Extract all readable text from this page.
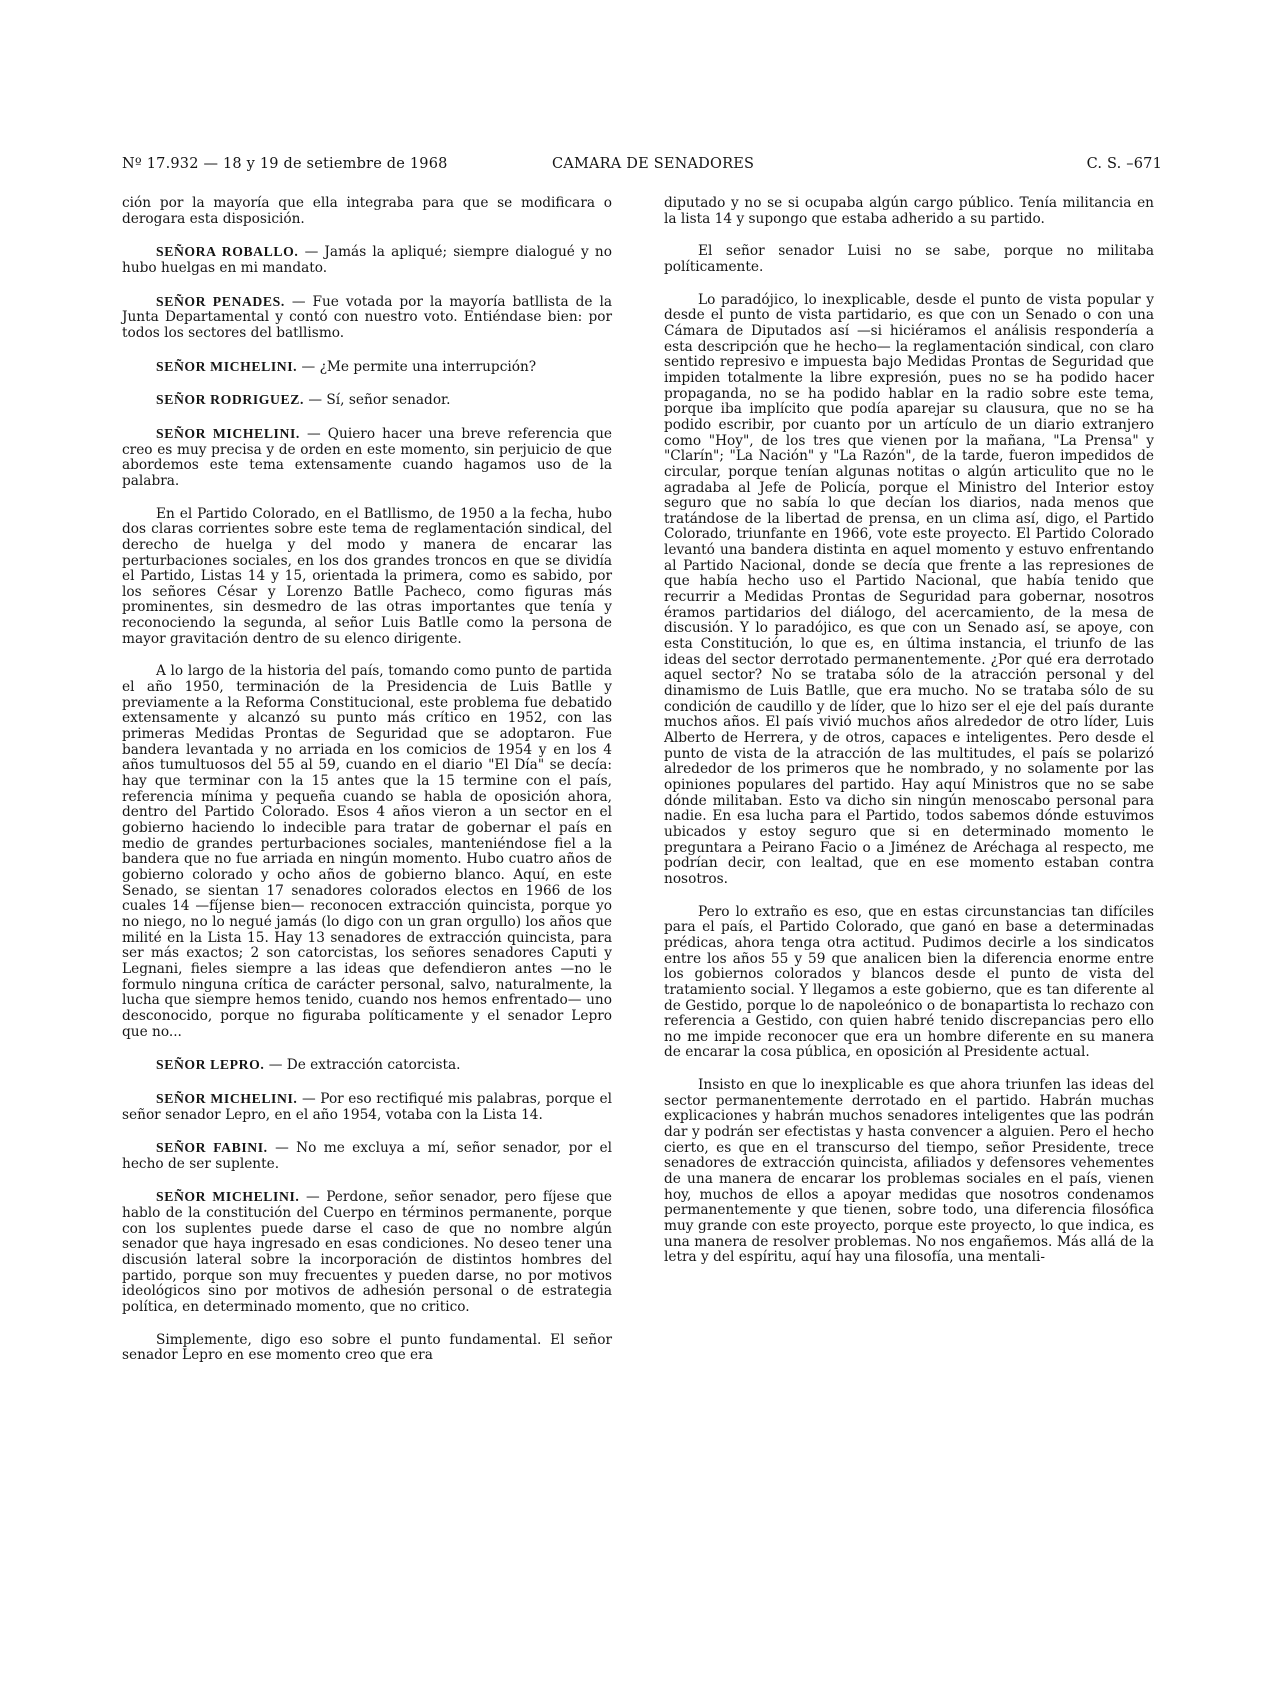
Nº 17.932 — 18 y 19 de setiembre de 1968	CAMARA DE SENADORES	C. S. –671

ción por la mayoría que ella integraba para que se modificara o derogara esta disposición.

SEÑORA ROBALLO. — Jamás la apliqué; siempre dialogué y no hubo huelgas en mi mandato.

SEÑOR PENADES. — Fue votada por la mayoría batllista de la Junta Departamental y contó con nuestro voto. Entiéndase bien: por todos los sectores del batllismo.

SEÑOR MICHELINI. — ¿Me permite una interrupción?

SEÑOR RODRIGUEZ. — Sí, señor senador.

SEÑOR MICHELINI. — Quiero hacer una breve referencia que creo es muy precisa y de orden en este momento, sin perjuicio de que abordemos este tema extensamente cuando hagamos uso de la palabra.

En el Partido Colorado, en el Batllismo, de 1950 a la fecha, hubo dos claras corrientes sobre este tema de reglamentación sindical, del derecho de huelga y del modo y manera de encarar las perturbaciones sociales, en los dos grandes troncos en que se dividía el Partido, Listas 14 y 15, orientada la primera, como es sabido, por los señores César y Lorenzo Batlle Pacheco, como figuras más prominentes, sin desmedro de las otras importantes que tenía y reconociendo la segunda, al señor Luis Batlle como la persona de mayor gravitación dentro de su elenco dirigente.

A lo largo de la historia del país, tomando como punto de partida el año 1950, terminación de la Presidencia de Luis Batlle y previamente a la Reforma Constitucional, este problema fue debatido extensamente y alcanzó su punto más crítico en 1952, con las primeras Medidas Prontas de Seguridad que se adoptaron. Fue bandera levantada y no arriada en los comicios de 1954 y en los 4 años tumultuosos del 55 al 59, cuando en el diario "El Día" se decía: hay que terminar con la 15 antes que la 15 termine con el país, referencia mínima y pequeña cuando se habla de oposición ahora, dentro del Partido Colorado. Esos 4 años vieron a un sector en el gobierno haciendo lo indecible para tratar de gobernar el país en medio de grandes perturbaciones sociales, manteniéndose fiel a la bandera que no fue arriada en ningún momento. Hubo cuatro años de gobierno colorado y ocho años de gobierno blanco. Aquí, en este Senado, se sientan 17 senadores colorados electos en 1966 de los cuales 14 —fíjense bien— reconocen extracción quincista, porque yo no niego, no lo negué jamás (lo digo con un gran orgullo) los años que milité en la Lista 15. Hay 13 senadores de extracción quincista, para ser más exactos; 2 son catorcistas, los señores senadores Caputi y Legnani, fieles siempre a las ideas que defendieron antes —no le formulo ninguna crítica de carácter personal, salvo, naturalmente, la lucha que siempre hemos tenido, cuando nos hemos enfrentado— uno desconocido, porque no figuraba políticamente y el senador Lepro que no...

SEÑOR LEPRO. — De extracción catorcista.

SEÑOR MICHELINI. — Por eso rectifiqué mis palabras, porque el señor senador Lepro, en el año 1954, votaba con la Lista 14.

SEÑOR FABINI. — No me excluya a mí, señor senador, por el hecho de ser suplente.

SEÑOR MICHELINI. — Perdone, señor senador, pero fíjese que hablo de la constitución del Cuerpo en términos permanente, porque con los suplentes puede darse el caso de que no nombre algún senador que haya ingresado en esas condiciones. No deseo tener una discusión lateral sobre la incorporación de distintos hombres del partido, porque son muy frecuentes y pueden darse, no por motivos ideológicos sino por motivos de adhesión personal o de estrategia política, en determinado momento, que no critico.

Simplemente, digo eso sobre el punto fundamental. El señor senador Lepro en ese momento creo que era

diputado y no se si ocupaba algún cargo público. Tenía militancia en la lista 14 y supongo que estaba adherido a su partido.

El señor senador Luisi no se sabe, porque no militaba políticamente.

Lo paradójico, lo inexplicable, desde el punto de vista popular y desde el punto de vista partidario, es que con un Senado o con una Cámara de Diputados así —si hiciéramos el análisis respondería a esta descripción que he hecho— la reglamentación sindical, con claro sentido represivo e impuesta bajo Medidas Prontas de Seguridad que impiden totalmente la libre expresión, pues no se ha podido hacer propaganda, no se ha podido hablar en la radio sobre este tema, porque iba implícito que podía aparejar su clausura, que no se ha podido escribir, por cuanto por un artículo de un diario extranjero como "Hoy", de los tres que vienen por la mañana, "La Prensa" y "Clarín"; "La Nación" y "La Razón", de la tarde, fueron impedidos de circular, porque tenían algunas notitas o algún articulito que no le agradaba al Jefe de Policía, porque el Ministro del Interior estoy seguro que no sabía lo que decían los diarios, nada menos que tratándose de la libertad de prensa, en un clima así, digo, el Partido Colorado, triunfante en 1966, vote este proyecto. El Partido Colorado levantó una bandera distinta en aquel momento y estuvo enfrentando al Partido Nacional, donde se decía que frente a las represiones de que había hecho uso el Partido Nacional, que había tenido que recurrir a Medidas Prontas de Seguridad para gobernar, nosotros éramos partidarios del diálogo, del acercamiento, de la mesa de discusión. Y lo paradójico, es que con un Senado así, se apoye, con esta Constitución, lo que es, en última instancia, el triunfo de las ideas del sector derrotado permanentemente. ¿Por qué era derrotado aquel sector? No se trataba sólo de la atracción personal y del dinamismo de Luis Batlle, que era mucho. No se trataba sólo de su condición de caudillo y de líder, que lo hizo ser el eje del país durante muchos años. El país vivió muchos años alrededor de otro líder, Luis Alberto de Herrera, y de otros, capaces e inteligentes. Pero desde el punto de vista de la atracción de las multitudes, el país se polarizó alrededor de los primeros que he nombrado, y no solamente por las opiniones populares del partido. Hay aquí Ministros que no se sabe dónde militaban. Esto va dicho sin ningún menoscabo personal para nadie. En esa lucha para el Partido, todos sabemos dónde estuvimos ubicados y estoy seguro que si en determinado momento le preguntara a Peirano Facio o a Jiménez de Aréchaga al respecto, me podrían decir, con lealtad, que en ese momento estaban contra nosotros.

Pero lo extraño es eso, que en estas circunstancias tan difíciles para el país, el Partido Colorado, que ganó en base a determinadas prédicas, ahora tenga otra actitud. Pudimos decirle a los sindicatos entre los años 55 y 59 que analicen bien la diferencia enorme entre los gobiernos colorados y blancos desde el punto de vista del tratamiento social. Y llegamos a este gobierno, que es tan diferente al de Gestido, porque lo de napoleónico o de bonapartista lo rechazo con referencia a Gestido, con quien habré tenido discrepancias pero ello no me impide reconocer que era un hombre diferente en su manera de encarar la cosa pública, en oposición al Presidente actual.

Insisto en que lo inexplicable es que ahora triunfen las ideas del sector permanentemente derrotado en el partido. Habrán muchas explicaciones y habrán muchos senadores inteligentes que las podrán dar y podrán ser efectistas y hasta convencer a alguien. Pero el hecho cierto, es que en el transcurso del tiempo, señor Presidente, trece senadores de extracción quincista, afiliados y defensores vehementes de una manera de encarar los problemas sociales en el país, vienen hoy, muchos de ellos a apoyar medidas que nosotros condenamos permanentemente y que tienen, sobre todo, una diferencia filosófica muy grande con este proyecto, porque este proyecto, lo que indica, es una manera de resolver problemas. No nos engañemos. Más allá de la letra y del espíritu, aquí hay una filosofía, una mentali-
